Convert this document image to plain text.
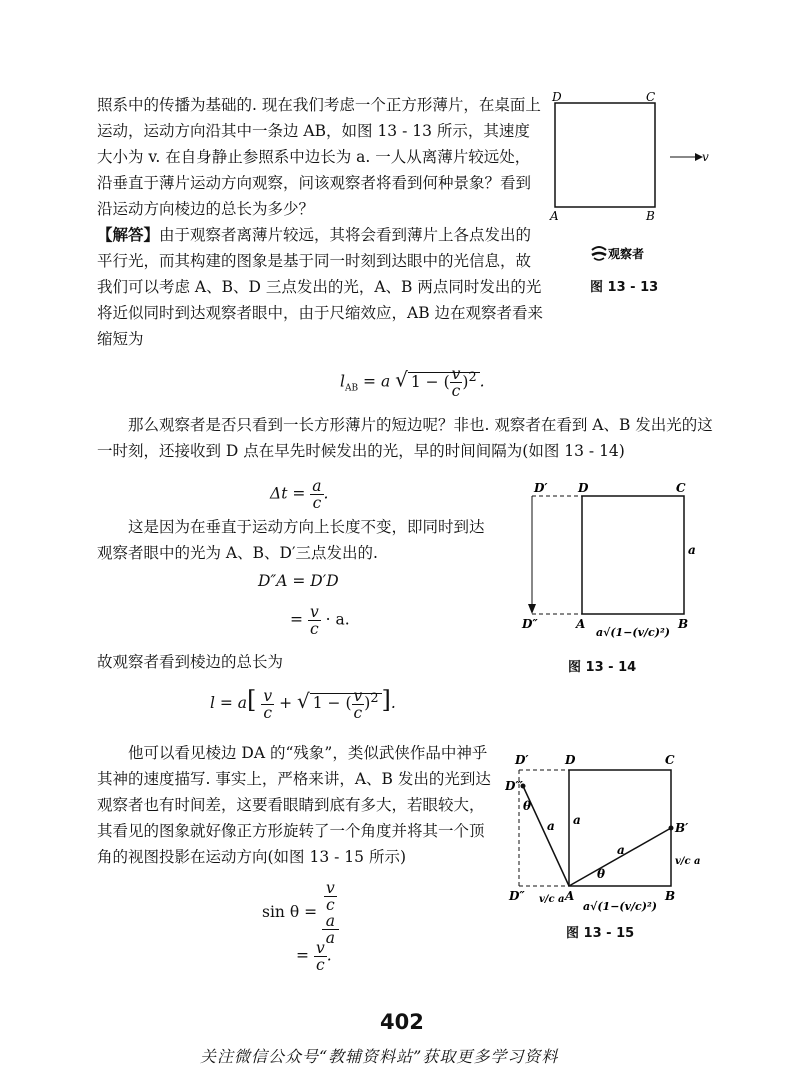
照系中的传播为基础的. 现在我们考虑一个正方形薄片，在桌面上运动，运动方向沿其中一条边 AB，如图 13 - 13 所示，其速度大小为 v. 在自身静止参照系中边长为 a. 一人从离薄片较远处，沿垂直于薄片运动方向观察，问该观察者将看到何种景象？看到沿运动方向棱边的总长为多少？

D	C
A	B
v
观察者
图 13 - 13

【解答】由于观察者离薄片较远，其将会看到薄片上各点发出的平行光，而其构建的图象是基于同一时刻到达眼中的光信息，故我们可以考虑 A、B、D 三点发出的光，A、B 两点同时发出的光将近似同时到达观察者眼中，由于尺缩效应，AB 边在观察者看来缩短为

$l_{AB} = a$ √ 1 − ( $\frac{v}{c} )^2$ .

那么观察者是否只看到一长方形薄片的短边呢？非也. 观察者在看到 A、B 发出光的这一时刻，还接收到 D 点在早先时候发出的光，早的时间间隔为(如图 13 - 14)

$\Delta t = \frac{a}{c}$ .	D′	D	C
a
D″	A	B
a√(1−(v/c)²)
图 13 - 14

这是因为在垂直于运动方向上长度不变，即同时到达观察者眼中的光为 A、B、D′三点发出的.

D″A = D′D
= $\frac{v}{c} \cdot a$.

故观察者看到棱边的总长为

$l = a[ \frac{v}{c}$ + √ 1 − ( $\frac{v}{c} )^2$ ].

他可以看见棱边 DA 的“残象”，类似武侠作品中神乎其神的速度描写. 事实上，严格来讲，A、B 发出的光到达观察者也有时间差，这要看眼睛到底有多大，若眼较大，其看见的图象就好像正方形旋转了一个角度并将其一个顶角的视图投影在运动方向(如图 13 - 15 所示)

D′	D	C
D‴
θ
a a
a
B′
v/c a
D″ v/c a A
θ
B
a√(1−(v/c)²)
图 13 - 15
sin θ = v
c
a
a
= $\frac{v}{c}$ .
402
关注微信公众号“教辅资料站”获取更多学习资料
